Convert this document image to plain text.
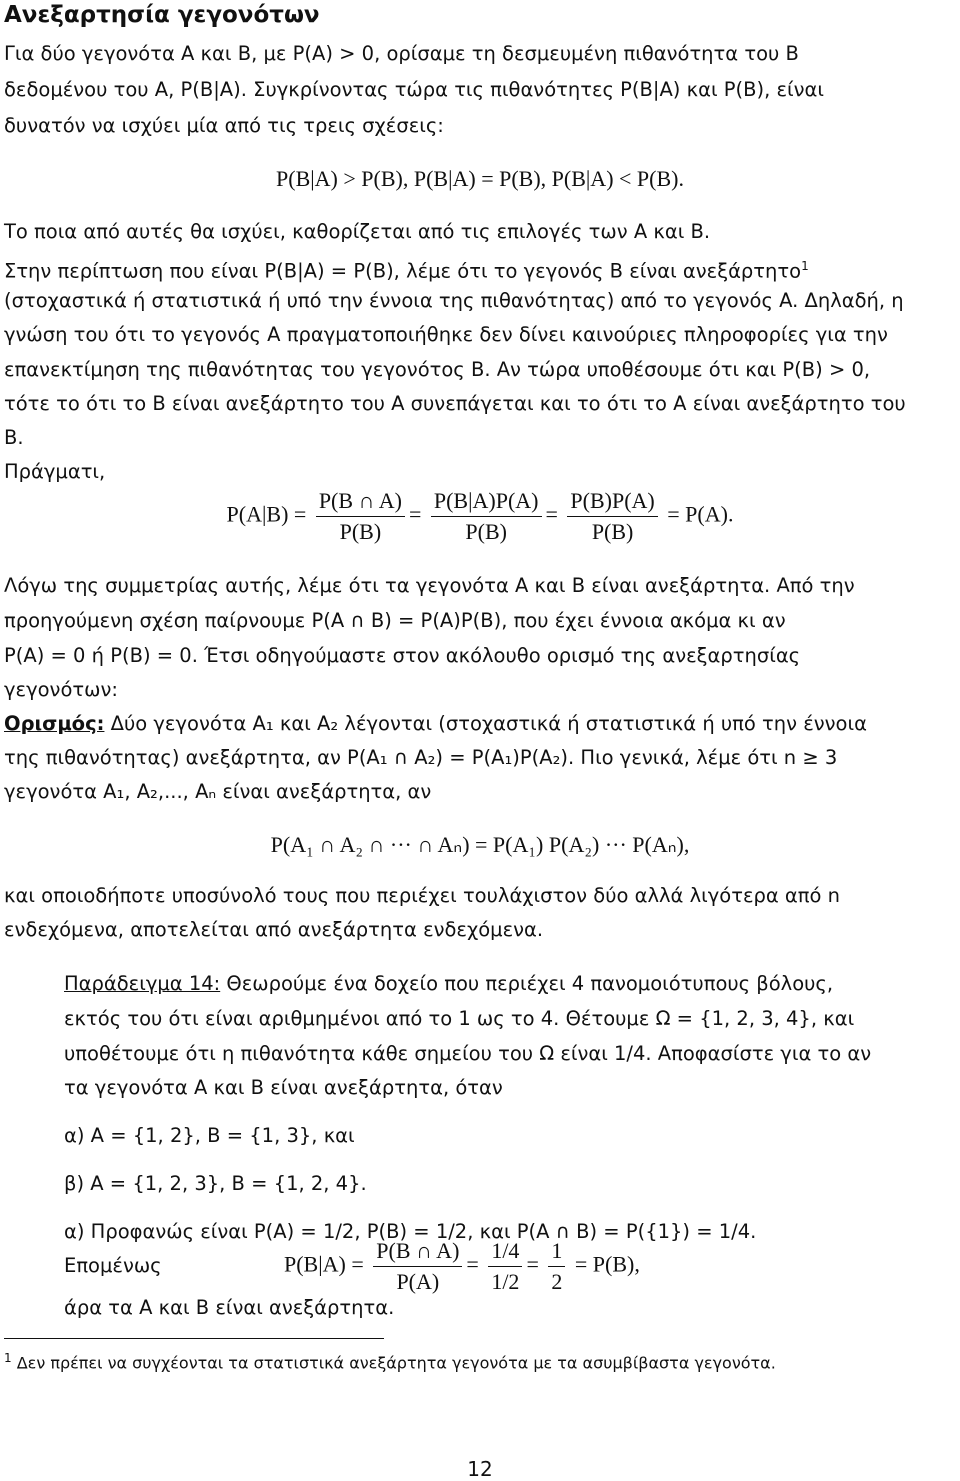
Ανεξαρτησία γεγονότων
Για δύο γεγονότα A και B, με P(A) > 0, ορίσαμε τη δεσμευμένη πιθανότητα του B
δεδομένου του A, P(B|A). Συγκρίνοντας τώρα τις πιθανότητες P(B|A) και P(B), είναι
δυνατόν να ισχύει μία από τις τρεις σχέσεις:
P(B|A) > P(B), P(B|A) = P(B), P(B|A) < P(B).
Το ποια από αυτές θα ισχύει, καθορίζεται από τις επιλογές των A και B.
Στην περίπτωση που είναι P(B|A) = P(B), λέμε ότι το γεγονός B είναι ανεξάρτητο$^1$
(στοχαστικά ή στατιστικά ή υπό την έννοια της πιθανότητας) από το γεγονός A. Δηλαδή, η
γνώση του ότι το γεγονός A πραγματοποιήθηκε δεν δίνει καινούριες πληροφορίες για την
επανεκτίμηση της πιθανότητας του γεγονότος B. Αν τώρα υποθέσουμε ότι και P(B) > 0,
τότε το ότι το B είναι ανεξάρτητο του A συνεπάγεται και το ότι το A είναι ανεξάρτητο του
B.
Πράγματι,
$P(A|B) = \frac{P(B \cap A)}{P(B)} = \frac{P(B|A)P(A)}{P(B)} = \frac{P(B)P(A)}{P(B)} = P(A)$.
Λόγω της συμμετρίας αυτής, λέμε ότι τα γεγονότα A και B είναι ανεξάρτητα. Από την
προηγούμενη σχέση παίρνουμε P(A ∩ B) = P(A)P(B), που έχει έννοια ακόμα κι αν
P(A) = 0 ή P(B) = 0. Έτσι οδηγούμαστε στον ακόλουθο ορισμό της ανεξαρτησίας
γεγονότων:
Ορισμός: Δύο γεγονότα A₁ και A₂ λέγονται (στοχαστικά ή στατιστικά ή υπό την έννοια
της πιθανότητας) ανεξάρτητα, αν P(A₁ ∩ A₂) = P(A₁)P(A₂). Πιο γενικά, λέμε ότι n ≥ 3
γεγονότα A₁, A₂,..., Aₙ είναι ανεξάρτητα, αν
P(A₁ ∩ A₂ ∩ ··· ∩ Aₙ) = P(A₁) P(A₂) ··· P(Aₙ),
και οποιοδήποτε υποσύνολό τους που περιέχει τουλάχιστον δύο αλλά λιγότερα από n
ενδεχόμενα, αποτελείται από ανεξάρτητα ενδεχόμενα.
Παράδειγμα 14: Θεωρούμε ένα δοχείο που περιέχει 4 πανομοιότυπους βόλους,
εκτός του ότι είναι αριθμημένοι από το 1 ως το 4. Θέτουμε Ω = {1, 2, 3, 4}, και
υποθέτουμε ότι η πιθανότητα κάθε σημείου του Ω είναι 1/4. Αποφασίστε για το αν
τα γεγονότα A και B είναι ανεξάρτητα, όταν
α) A = {1, 2}, B = {1, 3}, και
β) A = {1, 2, 3}, B = {1, 2, 4}.
α) Προφανώς είναι P(A) = 1/2, P(B) = 1/2, και P(A ∩ B) = P({1}) = 1/4.
Επομένως	$P(B|A) = \frac{P(B \cap A)}{P(A)} = \frac{1/4}{1/2} = \frac{1}{2} = P(B)$,
άρα τα A και B είναι ανεξάρτητα.
$^1$ Δεν πρέπει να συγχέονται τα στατιστικά ανεξάρτητα γεγονότα με τα ασυμβίβαστα γεγονότα.
12
